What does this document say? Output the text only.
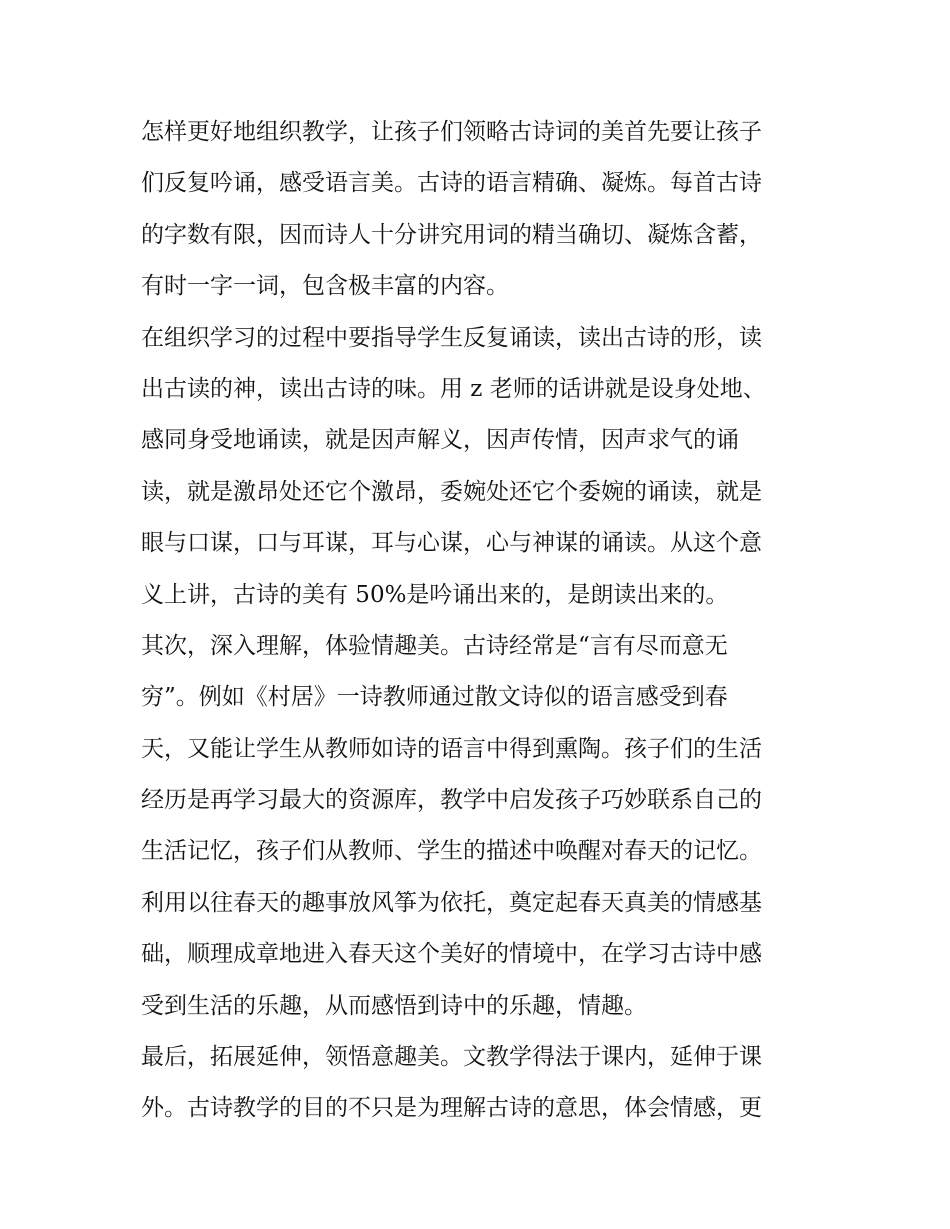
怎样更好地组织教学，让孩子们领略古诗词的美首先要让孩子
们反复吟诵，感受语言美。古诗的语言精确、凝炼。每首古诗
的字数有限，因而诗人十分讲究用词的精当确切、凝炼含蓄，
有时一字一词，包含极丰富的内容。
在组织学习的过程中要指导学生反复诵读，读出古诗的形，读
出古读的神，读出古诗的味。用 z 老师的话讲就是设身处地、
感同身受地诵读，就是因声解义，因声传情，因声求气的诵
读，就是激昂处还它个激昂，委婉处还它个委婉的诵读，就是
眼与口谋，口与耳谋，耳与心谋，心与神谋的诵读。从这个意
义上讲，古诗的美有 50%是吟诵出来的，是朗读出来的。
其次，深入理解，体验情趣美。古诗经常是“言有尽而意无
穷”。例如《村居》一诗教师通过散文诗似的语言感受到春
天，又能让学生从教师如诗的语言中得到熏陶。孩子们的生活
经历是再学习最大的资源库，教学中启发孩子巧妙联系自己的
生活记忆，孩子们从教师、学生的描述中唤醒对春天的记忆。
利用以往春天的趣事放风筝为依托，奠定起春天真美的情感基
础，顺理成章地进入春天这个美好的情境中，在学习古诗中感
受到生活的乐趣，从而感悟到诗中的乐趣，情趣。
最后，拓展延伸，领悟意趣美。文教学得法于课内，延伸于课
外。古诗教学的目的不只是为理解古诗的意思，体会情感，更
